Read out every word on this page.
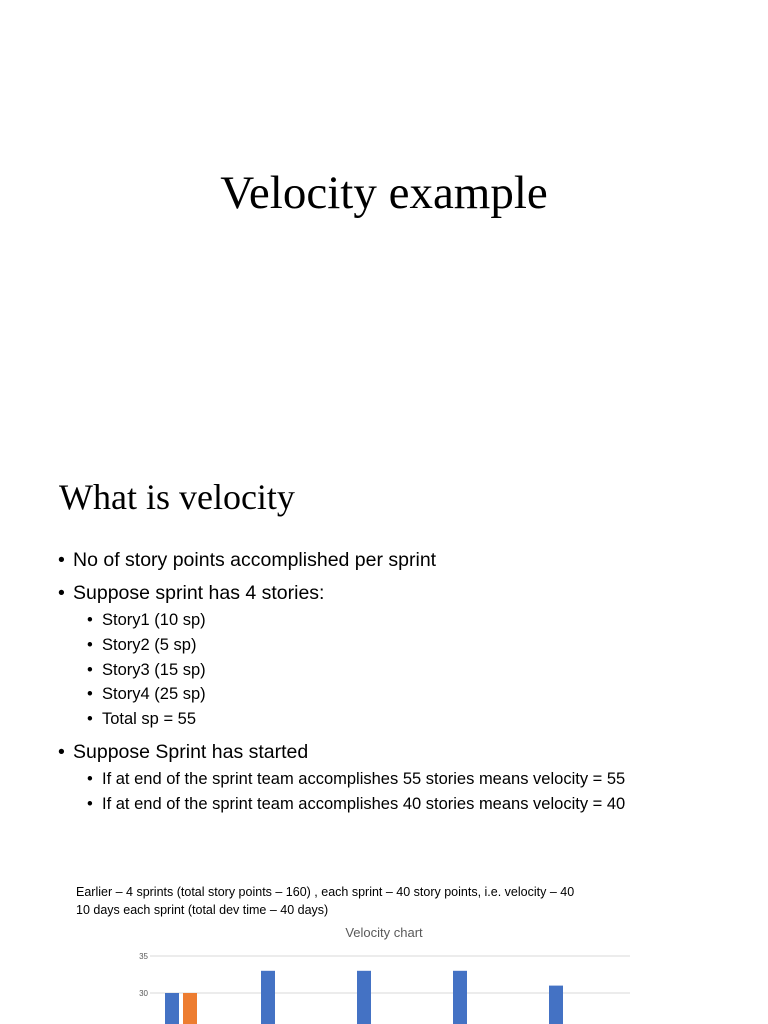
Velocity example
What is velocity
• No of story points accomplished per sprint
• Suppose sprint has 4 stories:
• Story1 (10 sp)
• Story2 (5 sp)
• Story3 (15 sp)
• Story4 (25 sp)
• Total sp = 55
• Suppose Sprint has started
• If at end of the sprint team accomplishes 55 stories means velocity = 55
• If at end of the sprint team accomplishes 40 stories means velocity = 40
Earlier – 4 sprints (total story points – 160) , each sprint – 40 story points, i.e. velocity – 40
10 days each sprint (total dev time – 40 days)
Velocity chart
30
35
